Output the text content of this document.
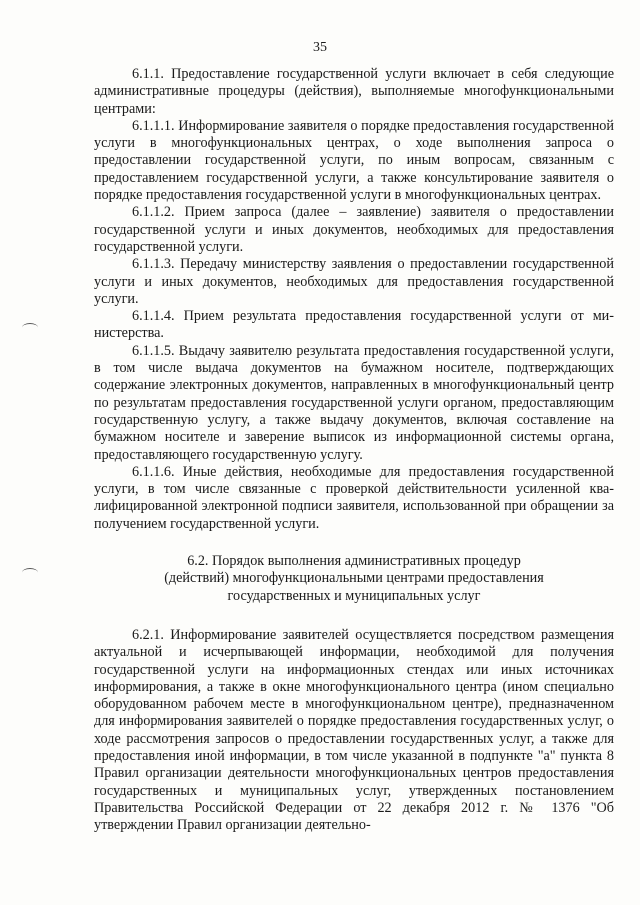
35

6.1.1. Предоставление государственной услуги включает в себя следующие административные процедуры (действия), выполняемые многофункциональными центрами:

6.1.1.1. Информирование заявителя о порядке предоставления государственной услуги в многофункциональных центрах, о ходе выполнения запроса о предоставлении государственной услуги, по иным вопросам, связанным с предоставлением государственной услуги, а также консультирование заявителя о порядке предоставления государственной услуги в многофункциональных центрах.

6.1.1.2. Прием запроса (далее – заявление) заявителя о предоставлении государственной услуги и иных документов, необходимых для предоставления государственной услуги.

6.1.1.3. Передачу министерству заявления о предоставлении государственной услуги и иных документов, необходимых для предоставления государственной услуги.

6.1.1.4. Прием результата предоставления государственной услуги от министерства.

6.1.1.5. Выдачу заявителю результата предоставления государственной услуги, в том числе выдача документов на бумажном носителе, подтверждающих содержание электронных документов, направленных в многофункциональный центр по результатам предоставления государственной услуги органом, предоставляющим государственную услугу, а также выдачу документов, включая составление на бумажном носителе и заверение выписок из информационной системы органа, предоставляющего государственную услугу.

6.1.1.6. Иные действия, необходимые для предоставления государственной услуги, в том числе связанные с проверкой действительности усиленной квалифицированной электронной подписи заявителя, использованной при обращении за получением государственной услуги.

6.2. Порядок выполнения административных процедур
(действий) многофункциональными центрами предоставления
государственных и муниципальных услуг

6.2.1. Информирование заявителей осуществляется посредством размещения актуальной и исчерпывающей информации, необходимой для получения государственной услуги на информационных стендах или иных источниках информирования, а также в окне многофункционального центра (ином специально оборудованном рабочем месте в многофункциональном центре), предназначенном для информирования заявителей о порядке предоставления государственных услуг, о ходе рассмотрения запросов о предоставлении государственных услуг, а также для предоставления иной информации, в том числе указанной в подпункте "а" пункта 8 Правил организации деятельности многофункциональных центров предоставления государственных и муниципальных услуг, утвержденных постановлением Правительства Российской Федерации от 22 декабря 2012 г. № 1376 "Об утверждении Правил организации деятельно-
